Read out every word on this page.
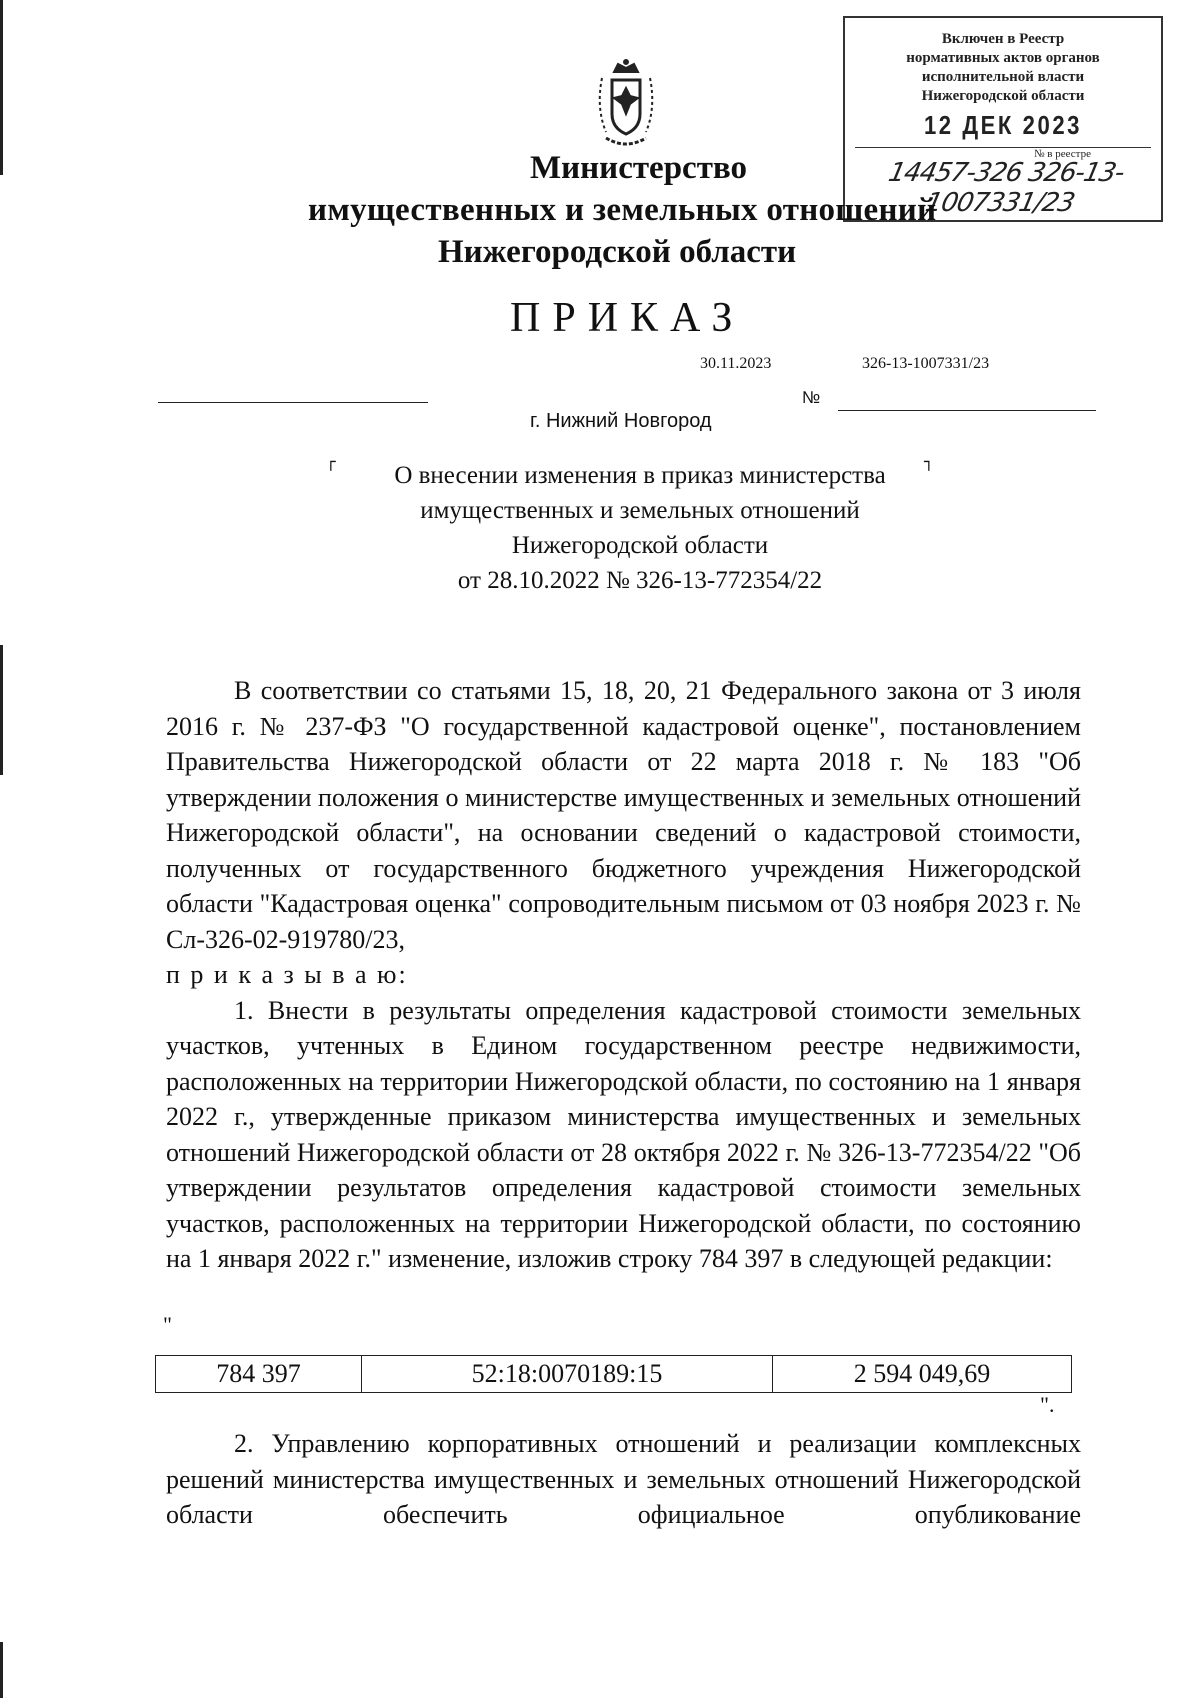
Включен в Реестр
нормативных актов органов
исполнительной власти
Нижегородской области
12 ДЕК 2023
№ в реестре
14457-326 326-13-1007331/23
Министерство
имущественных и земельных отношений
Нижегородской области
ПРИКАЗ
30.11.2023	326-13-1007331/23
№
г. Нижний Новгород
┌	┐
О внесении изменения в приказ министерства
имущественных и земельных отношений
Нижегородской области
от 28.10.2022 № 326-13-772354/22

В соответствии со статьями 15, 18, 20, 21 Федерального закона от 3 июля 2016 г. № 237-ФЗ "О государственной кадастровой оценке", постановлением Правительства Нижегородской области от 22 марта 2018 г. № 183 "Об утверждении положения о министерстве имущественных и земельных отношений Нижегородской области", на основании сведений о кадастровой стоимости, полученных от государственного бюджетного учреждения Нижегородской области "Кадастровая оценка" сопроводительным письмом от 03 ноября 2023 г. № Сл-326-02-919780/23,

п р и к а з ы в а ю:

1. Внести в результаты определения кадастровой стоимости земельных участков, учтенных в Едином государственном реестре недвижимости, расположенных на территории Нижегородской области, по состоянию на 1 января 2022 г., утвержденные приказом министерства имущественных и земельных отношений Нижегородской области от 28 октября 2022 г. № 326-13-772354/22 "Об утверждении результатов определения кадастровой стоимости земельных участков, расположенных на территории Нижегородской области, по состоянию на 1 января 2022 г." изменение, изложив строку 784 397 в следующей редакции:

"
784 397	52:18:0070189:15	2 594 049,69
".

2. Управлению корпоративных отношений и реализации комплексных решений министерства имущественных и земельных отношений Нижегородской области обеспечить официальное опубликование
